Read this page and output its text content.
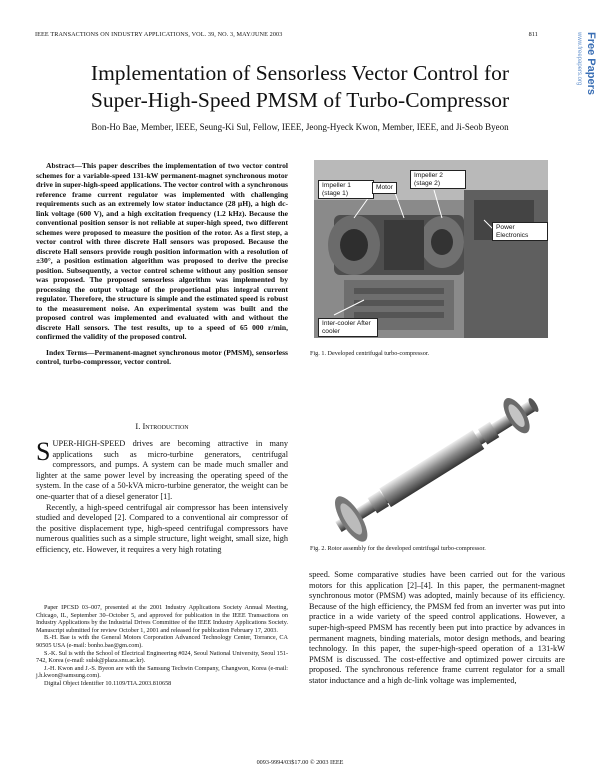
IEEE TRANSACTIONS ON INDUSTRY APPLICATIONS, VOL. 39, NO. 3, MAY/JUNE 2003	811	Free Papers
www.freepapers.org
Implementation of Sensorless Vector Control for
Super-High-Speed PMSM of Turbo-Compressor
Bon-Ho Bae, Member, IEEE, Seung-Ki Sul, Fellow, IEEE, Jeong-Hyeck Kwon, Member, IEEE, and Ji-Seob Byeon

Abstract—This paper describes the implementation of two vector control schemes for a variable-speed 131-kW permanent-magnet synchronous motor drive in super-high-speed applications. The vector control with a synchronous reference frame current regulator was implemented with challenging requirements such as an extremely low stator inductance (28 μH), a high dc-link voltage (600 V), and a high excitation frequency (1.2 kHz). Because the conventional position sensor is not reliable at super-high speed, two different schemes were proposed to measure the position of the rotor. As a first step, a vector control with three discrete Hall sensors was proposed. Because the discrete Hall sensors provide rough position information with a resolution of ±30°, a position estimation algorithm was proposed to derive the precise position. Subsequently, a vector control scheme without any position sensor was proposed. The proposed sensorless algorithm was implemented by processing the output voltage of the proportional plus integral current regulator. Therefore, the structure is simple and the estimated speed is robust to the measurement noise. An experimental system was built and the proposed control was implemented and evaluated with and without the discrete Hall sensors. The test results, up to a speed of 65 000 r/min, confirmed the validity of the proposed control.

Index Terms—Permanent-magnet synchronous motor (PMSM), sensorless control, turbo-compressor, vector control.

I. Introduction

S UPER-HIGH-SPEED drives are becoming attractive in many applications such as micro-turbine generators, centrifugal compressors, and pumps. A system can be made much smaller and lighter at the same power level by increasing the operating speed of the system. In the case of a 50-kVA micro-turbine generator, the weight can be one-quarter that of a diesel generator [1].

Recently, a high-speed centrifugal air compressor has been intensively studied and developed [2]. Compared to a conventional air compressor of the positive displacement type, high-speed centrifugal compressors have numerous qualities such as a simple structure, light weight, small size, high efficiency, etc. However, it requires a very high rotating

Paper IPCSD 03–007, presented at the 2001 Industry Applications Society Annual Meeting, Chicago, IL, September 30–October 5, and approved for publication in the IEEE Transactions on Industry Applications by the Industrial Drives Committee of the IEEE Industry Applications Society. Manuscript submitted for review October 1, 2001 and released for publication February 17, 2003.

B.-H. Bae is with the General Motors Corporation Advanced Technology Center, Torrance, CA 90505 USA (e-mail: bonho.bae@gm.com).

S.-K. Sul is with the School of Electrical Engineering #024, Seoul National University, Seoul 151-742, Korea (e-mail: sulsk@plaza.snu.ac.kr).

J.-H. Kwon and J.-S. Byeon are with the Samsung Techwin Company, Changwon, Korea (e-mail: j.h.kwon@samsung.com).

Digital Object Identifier 10.1109/TIA.2003.810658

Impeller 1 (stage 1)
Motor
Impeller 2 (stage 2)
Power Electronics
Inter-cooler After cooler
Fig. 1. Developed centrifugal turbo-compressor.
Fig. 2. Rotor assembly for the developed centrifugal turbo-compressor.

speed. Some comparative studies have been carried out for the various motors for this application [2]–[4]. In this paper, the permanent-magnet synchronous motor (PMSM) was adopted, mainly because of its efficiency. Because of the high efficiency, the PMSM fed from an inverter was put into practice in a wide variety of the speed control applications. However, a super-high-speed PMSM has recently been put into practice by advances in permanent magnets, binding materials, motor design methods, and bearing technology. In this paper, the super-high-speed operation of a 131-kW PMSM is discussed. The cost-effective and optimized power circuits are proposed. The synchronous reference frame current regulator for a small stator inductance and a high dc-link voltage was implemented,

0093-9994/03$17.00 © 2003 IEEE
